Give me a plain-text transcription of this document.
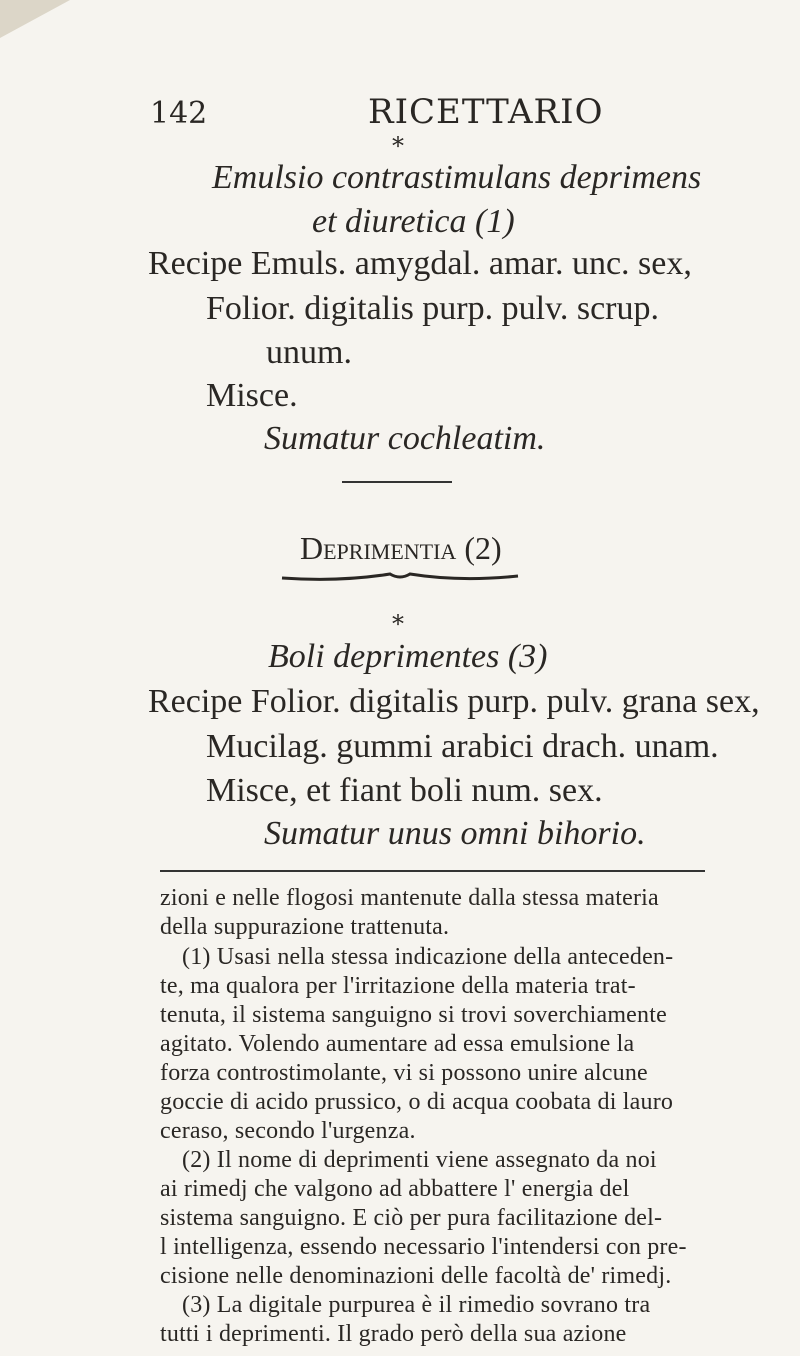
142	RICETTARIO
*
Emulsio contrastimulans deprimens
et diuretica (1)
Recipe Emuls. amygdal. amar. unc. sex,
Folior. digitalis purp. pulv. scrup.
unum.
Misce.
Sumatur cochleatim.
Deprimentia (2)
*
Boli deprimentes (3)
Recipe Folior. digitalis purp. pulv. grana sex,
Mucilag. gummi arabici drach. unam.
Misce, et fiant boli num. sex.
Sumatur unus omni bihorio.
zioni e nelle flogosi mantenute dalla stessa materia
della suppurazione trattenuta.
(1) Usasi nella stessa indicazione della anteceden-
te, ma qualora per l'irritazione della materia trat-
tenuta, il sistema sanguigno si trovi soverchiamente
agitato. Volendo aumentare ad essa emulsione la
forza controstimolante, vi si possono unire alcune
goccie di acido prussico, o di acqua coobata di lauro
ceraso, secondo l'urgenza.
(2) Il nome di deprimenti viene assegnato da noi
ai rimedj che valgono ad abbattere l' energia del
sistema sanguigno. E ciò per pura facilitazione del-
l intelligenza, essendo necessario l'intendersi con pre-
cisione nelle denominazioni delle facoltà de' rimedj.
(3) La digitale purpurea è il rimedio sovrano tra
tutti i deprimenti. Il grado però della sua azione
